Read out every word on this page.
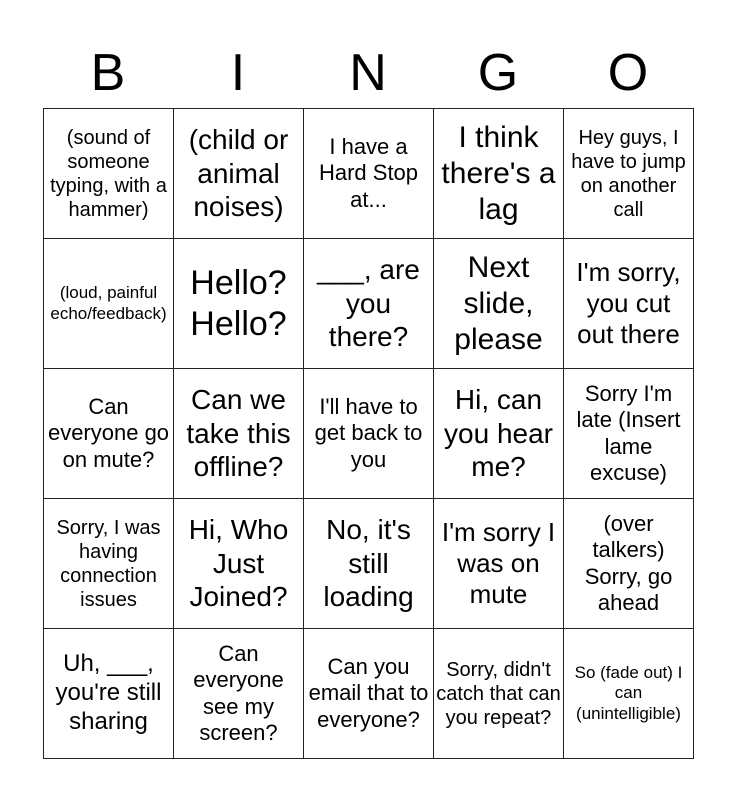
B	I	N	G	O
(sound of someone typing, with a hammer)	(child or animal noises)	I have a Hard Stop at...	I think there's a lag	Hey guys, I have to jump on another call
(loud, painful echo/feedback)	Hello? Hello?	___, are you there?	Next slide, please	I'm sorry, you cut out there
Can everyone go on mute?	Can we take this offline?	I'll have to get back to you	Hi, can you hear me?	Sorry I'm late (Insert lame excuse)
Sorry, I was having connection issues	Hi, Who Just Joined?	No, it's still loading	I'm sorry I was on mute	(over talkers) Sorry, go ahead
Uh, ___, you're still sharing	Can everyone see my screen?	Can you email that to everyone?	Sorry, didn't catch that can you repeat?	So (fade out) I can (unintelligible)
